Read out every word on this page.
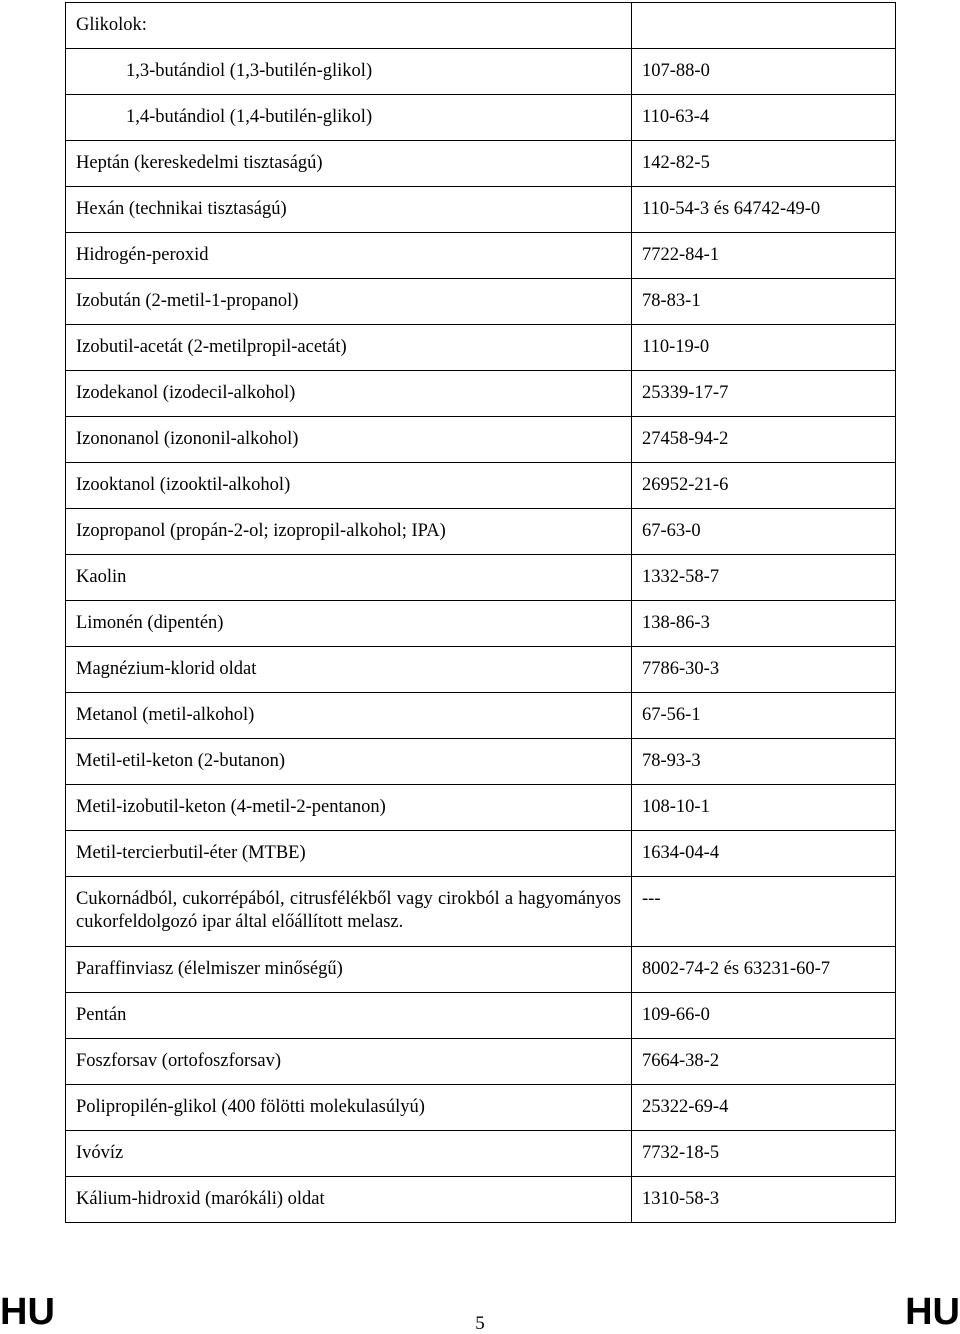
Glikolok:	
1,3-butándiol (1,3-butilén-glikol)	107-88-0
1,4-butándiol (1,4-butilén-glikol)	110-63-4
Heptán (kereskedelmi tisztaságú)	142-82-5
Hexán (technikai tisztaságú)	110-54-3 és 64742-49-0
Hidrogén-peroxid	7722-84-1
Izobután (2-metil-1-propanol)	78-83-1
Izobutil-acetát (2-metilpropil-acetát)	110-19-0
Izodekanol (izodecil-alkohol)	25339-17-7
Izononanol (izononil-alkohol)	27458-94-2
Izooktanol (izooktil-alkohol)	26952-21-6
Izopropanol (propán-2-ol; izopropil-alkohol; IPA)	67-63-0
Kaolin	1332-58-7
Limonén (dipentén)	138-86-3
Magnézium-klorid oldat	7786-30-3
Metanol (metil-alkohol)	67-56-1
Metil-etil-keton (2-butanon)	78-93-3
Metil-izobutil-keton (4-metil-2-pentanon)	108-10-1
Metil-tercierbutil-éter (MTBE)	1634-04-4
Cukornádból, cukorrépából, citrusfélékből vagy cirokból a hagyományos cukorfeldolgozó ipar által előállított melasz.	---
Paraffinviasz (élelmiszer minőségű)	8002-74-2 és 63231-60-7
Pentán	109-66-0
Foszforsav (ortofoszforsav)	7664-38-2
Polipropilén-glikol (400 fölötti molekulasúlyú)	25322-69-4
Ivóvíz	7732-18-5
Kálium-hidroxid (marókáli) oldat	1310-58-3
HU	5	HU
